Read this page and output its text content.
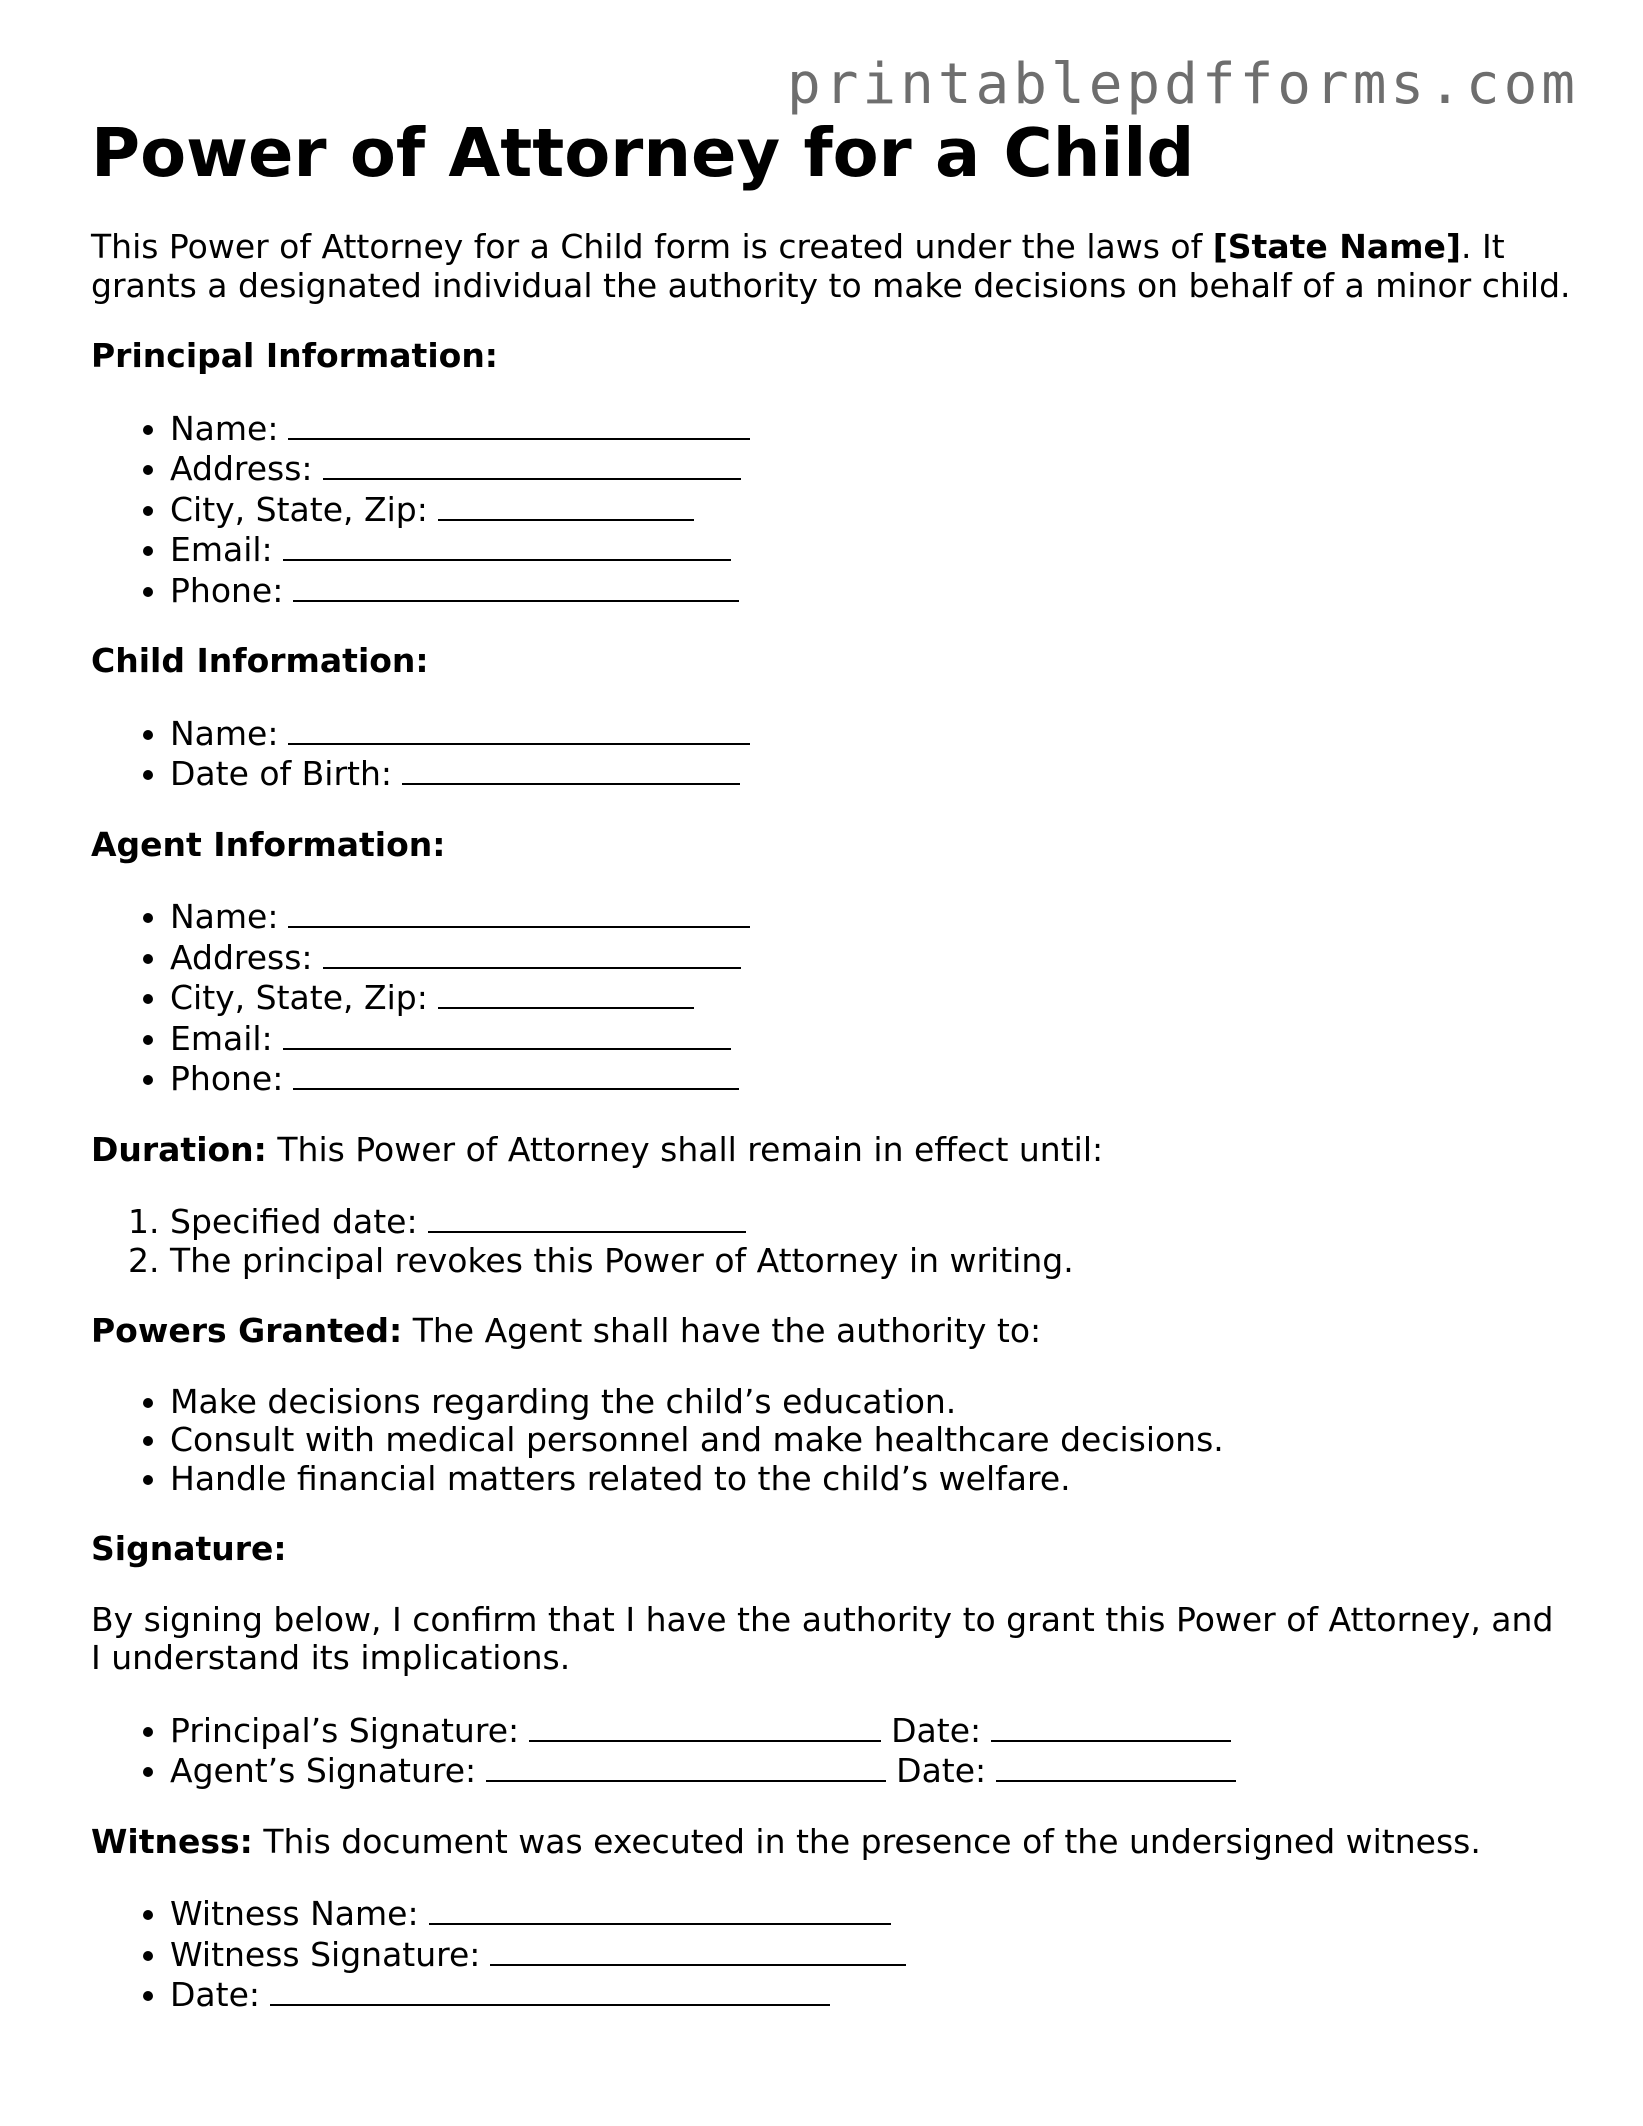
printablepdfforms.com
Power of Attorney for a Child

This Power of Attorney for a Child form is created under the laws of [State Name]. It grants a designated individual the authority to make decisions on behalf of a minor child.

Principal Information:

• Name:
• Address:
• City, State, Zip:
• Email:
• Phone:

Child Information:

• Name:
• Date of Birth:

Agent Information:

• Name:
• Address:
• City, State, Zip:
• Email:
• Phone:

Duration: This Power of Attorney shall remain in effect until:

1. Specified date:
2. The principal revokes this Power of Attorney in writing.

Powers Granted: The Agent shall have the authority to:

• Make decisions regarding the child’s education.
• Consult with medical personnel and make healthcare decisions.
• Handle financial matters related to the child’s welfare.

Signature:

By signing below, I confirm that I have the authority to grant this Power of Attorney, and I understand its implications.

• Principal’s Signature:	Date:
• Agent’s Signature:	Date:

Witness: This document was executed in the presence of the undersigned witness.

• Witness Name:
• Witness Signature:
• Date:
